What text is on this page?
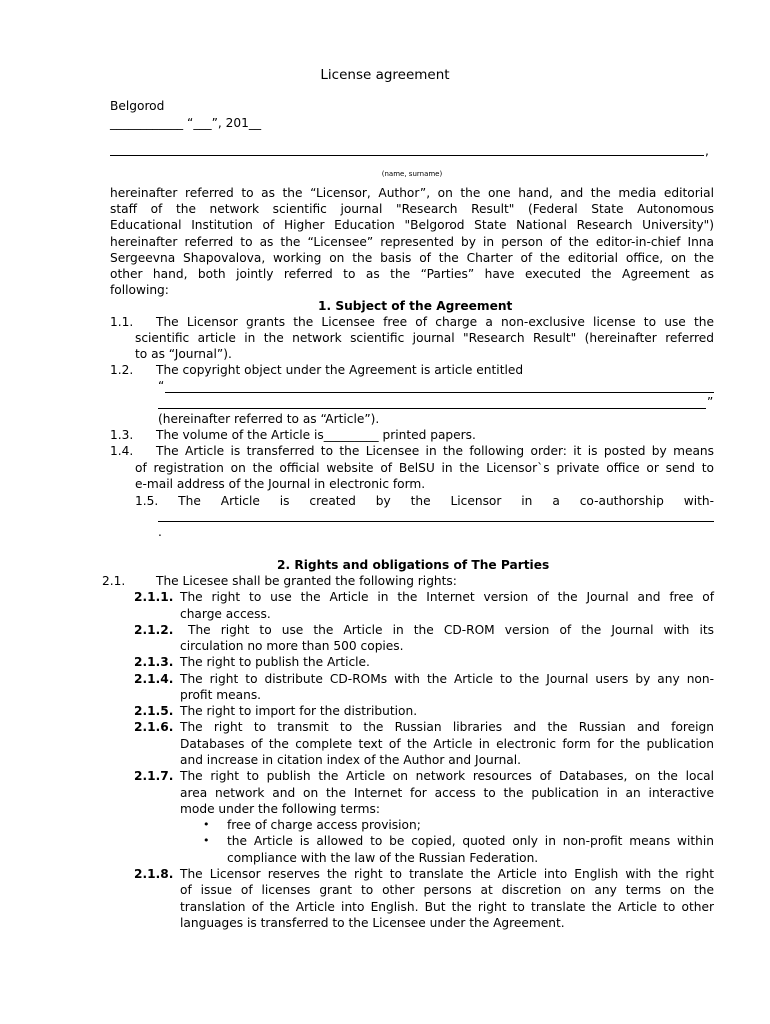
License agreement
Belgorod
____________ “___”, 201__
,
(name, surname)
hereinafter referred to as the “Licensor, Author”, on the one hand, and the media editorial
staff of the network scientific journal "Research Result" (Federal State Autonomous
Educational Institution of Higher Education "Belgorod State National Research University")
hereinafter referred to as the “Licensee” represented by in person of the editor-in-chief Inna
Sergeevna Shapovalova, working on the basis of the Charter of the editorial office, on the
other hand, both jointly referred to as the “Parties” have executed the Agreement as
following:
1. Subject of the Agreement
1.1. The Licensor grants the Licensee free of charge a non-exclusive license to use the
scientific article in the network scientific journal "Research Result" (hereinafter referred
to as “Journal”).
1.2. The copyright object under the Agreement is article entitled
“
”
(hereinafter referred to as “Article”).
1.3. The volume of the Article is_________ printed papers.
1.4. The Article is transferred to the Licensee in the following order: it is posted by means
of registration on the official website of BelSU in the Licensor`s private office or send to
e-mail address of the Journal in electronic form.
1.5. The Article is created by the Licensor in a co-authorship with-
.
2. Rights and obligations of The Parties
2.1.	The Licesee shall be granted the following rights:
2.1.1. The right to use the Article in the Internet version of the Journal and free of
charge access.
2.1.2. The right to use the Article in the CD-ROM version of the Journal with its
circulation no more than 500 copies.
2.1.3. The right to publish the Article.
2.1.4. The right to distribute CD-ROMs with the Article to the Journal users by any non-
profit means.
2.1.5. The right to import for the distribution.
2.1.6. The right to transmit to the Russian libraries and the Russian and foreign
Databases of the complete text of the Article in electronic form for the publication
and increase in citation index of the Author and Journal.
2.1.7. The right to publish the Article on network resources of Databases, on the local
area network and on the Internet for access to the publication in an interactive
mode under the following terms:
• free of charge access provision;
• the Article is allowed to be copied, quoted only in non-profit means within
compliance with the law of the Russian Federation.
2.1.8. The Licensor reserves the right to translate the Article into English with the right
of issue of licenses grant to other persons at discretion on any terms on the
translation of the Article into English. But the right to translate the Article to other
languages is transferred to the Licensee under the Agreement.
